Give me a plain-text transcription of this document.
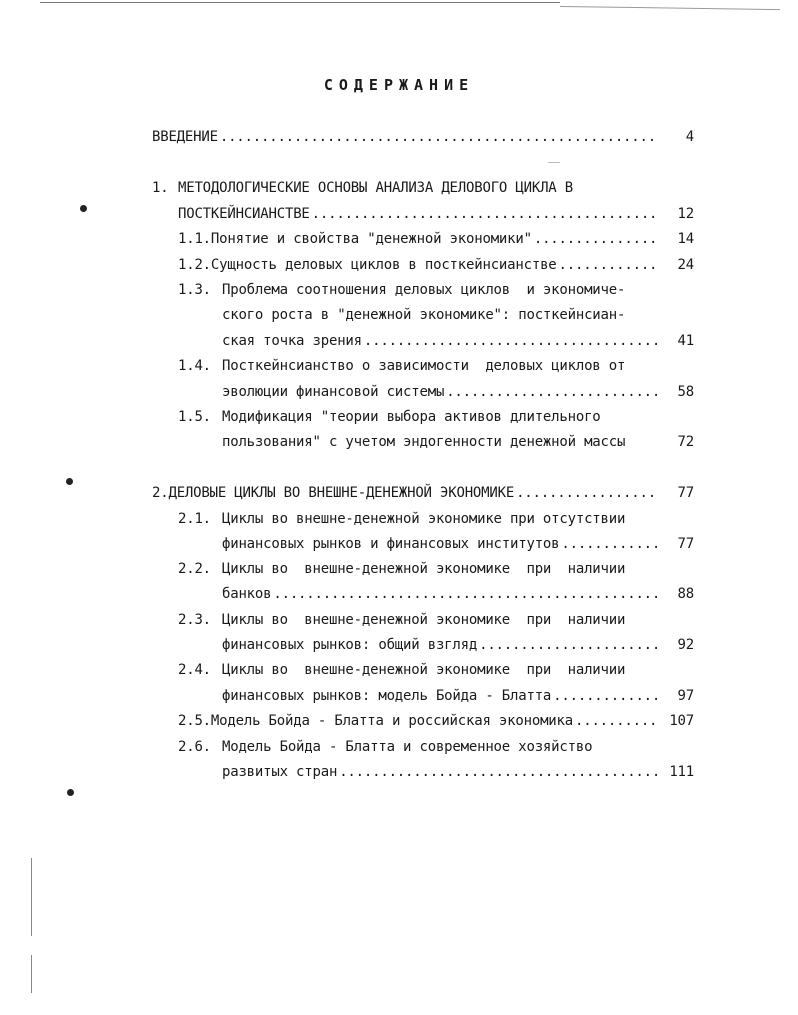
СОДЕРЖАНИЕ
ВВЕДЕНИЕ .....	4
1. МЕТОДОЛОГИЧЕСКИЕ ОСНОВЫ АНАЛИЗА ДЕЛОВОГО ЦИКЛА В
ПОСТКЕЙНСИАНСТВЕ .....	12
1.1. Понятие и свойства "денежной экономики" .....	14
1.2. Сущность деловых циклов в посткейнсианстве .....	24
1.3. Проблема соотношения деловых циклов  и экономиче-
ского роста в "денежной экономике": посткейнсиан-
ская точка зрения .....	41
1.4. Посткейнсианство о зависимости  деловых циклов от
эволюции финансовой системы .....	58
1.5. Модификация "теории выбора активов длительного
пользования" с учетом эндогенности денежной массы	72
2. ДЕЛОВЫЕ ЦИКЛЫ ВО ВНЕШНЕ-ДЕНЕЖНОЙ ЭКОНОМИКЕ .....	77
2.1. Циклы во внешне-денежной экономике при отсутствии
финансовых рынков и финансовых институтов .....	77
2.2. Циклы во  внешне-денежной экономике  при  наличии
банков .....	88
2.3. Циклы во  внешне-денежной экономике  при  наличии
финансовых рынков: общий взгляд .....	92
2.4. Циклы во  внешне-денежной экономике  при  наличии
финансовых рынков: модель Бойда - Блатта .....	97
2.5. Модель Бойда - Блатта и российская экономика .....	107
2.6. Модель Бойда - Блатта и современное хозяйство
развитых стран .....	111
